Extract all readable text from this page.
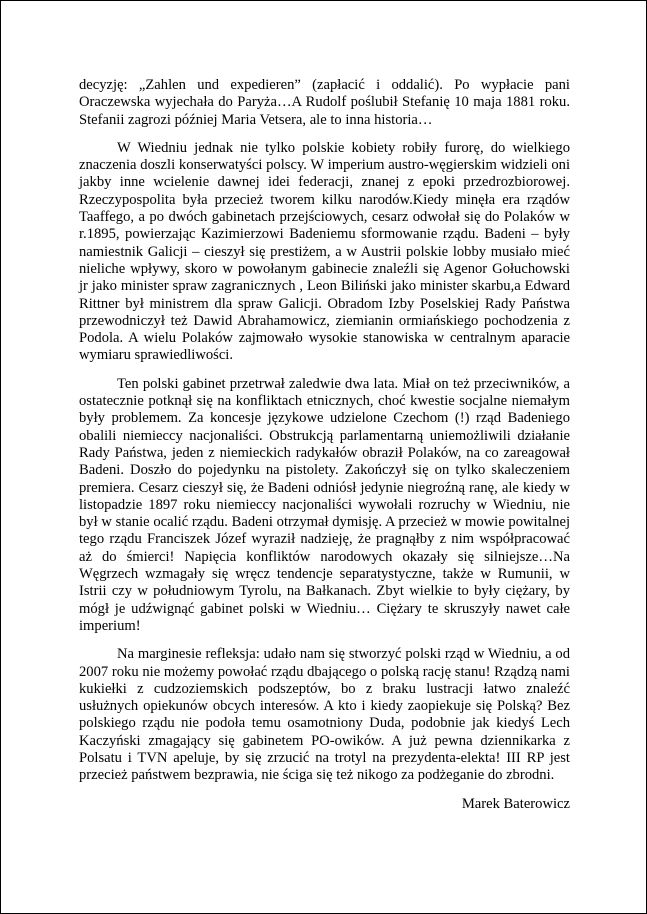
decyzję: „Zahlen und expedieren” (zapłacić i oddalić). Po wypłacie pani Oraczewska wyjechała do Paryża…A Rudolf poślubił Stefanię 10 maja 1881 roku. Stefanii zagrozi później Maria Vetsera, ale to inna historia…

W Wiedniu jednak nie tylko polskie kobiety robiły furorę, do wielkiego znaczenia doszli konserwatyści polscy. W imperium austro-węgierskim widzieli oni jakby inne wcielenie dawnej idei federacji, znanej z epoki przedrozbiorowej. Rzeczypospolita była przecież tworem kilku narodów.Kiedy minęła era rządów Taaffego, a po dwóch gabinetach przejściowych, cesarz odwołał się do Polaków w r.1895, powierzając Kazimierzowi Badeniemu sformowanie rządu. Badeni – były namiestnik Galicji – cieszył się prestiżem, a w Austrii polskie lobby musiało mieć nieliche wpływy, skoro w powołanym gabinecie znaleźli się Agenor Gołuchowski jr jako minister spraw zagranicznych , Leon Biliński jako minister skarbu,a Edward Rittner był ministrem dla spraw Galicji. Obradom Izby Poselskiej Rady Państwa przewodniczył też Dawid Abrahamowicz, ziemianin ormiańskiego pochodzenia z Podola. A wielu Polaków zajmowało wysokie stanowiska w centralnym aparacie wymiaru sprawiedliwości.

Ten polski gabinet przetrwał zaledwie dwa lata. Miał on też przeciwników, a ostatecznie potknął się na konfliktach etnicznych, choć kwestie socjalne niemałym były problemem. Za koncesje językowe udzielone Czechom (!) rząd Badeniego obalili niemieccy nacjonaliści. Obstrukcją parlamentarną uniemożliwili działanie Rady Państwa, jeden z niemieckich radykałów obraził Polaków, na co zareagował Badeni. Doszło do pojedynku na pistolety. Zakończył się on tylko skaleczeniem premiera. Cesarz cieszył się, że Badeni odniósł jedynie niegroźną ranę, ale kiedy w listopadzie 1897 roku niemieccy nacjonaliści wywołali rozruchy w Wiedniu, nie był w stanie ocalić rządu. Badeni otrzymał dymisję. A przecież w mowie powitalnej tego rządu Franciszek Józef wyraził nadzieję, że pragnąłby z nim współpracować aż do śmierci! Napięcia konfliktów narodowych okazały się silniejsze…Na Węgrzech wzmagały się wręcz tendencje separatystyczne, także w Rumunii, w Istrii czy w południowym Tyrolu, na Bałkanach. Zbyt wielkie to były ciężary, by mógł je udźwignąć gabinet polski w Wiedniu… Ciężary te skruszyły nawet całe imperium!

Na marginesie refleksja: udało nam się stworzyć polski rząd w Wiedniu, a od 2007 roku nie możemy powołać rządu dbającego o polską rację stanu! Rządzą nami kukiełki z cudzoziemskich podszeptów, bo z braku lustracji łatwo znaleźć usłużnych opiekunów obcych interesów. A kto i kiedy zaopiekuje się Polską? Bez polskiego rządu nie podoła temu osamotniony Duda, podobnie jak kiedyś Lech Kaczyński zmagający się gabinetem PO-owików. A już pewna dziennikarka z Polsatu i TVN apeluje, by się zrzucić na trotyl na prezydenta-elekta! III RP jest przecież państwem bezprawia, nie ściga się też nikogo za podżeganie do zbrodni.

Marek Baterowicz
